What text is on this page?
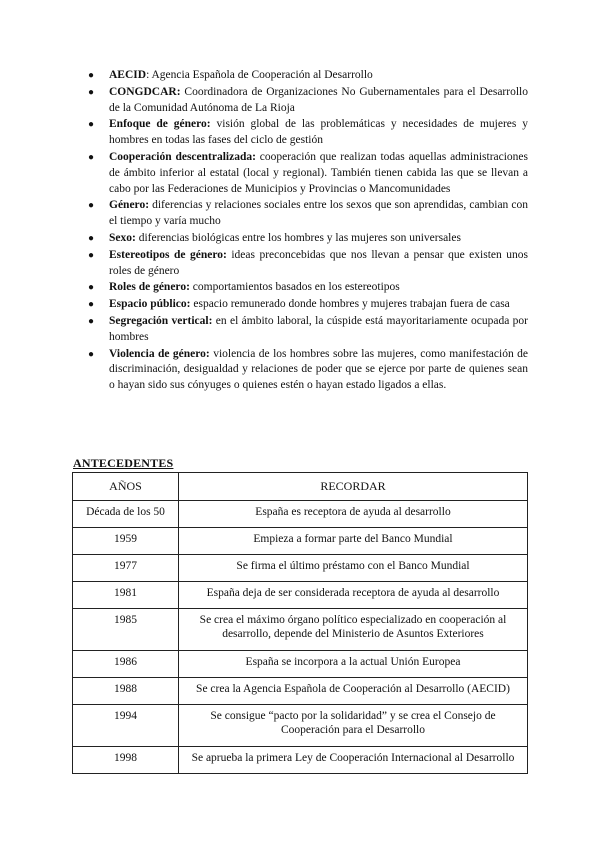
● AECID: Agencia Española de Cooperación al Desarrollo
● CONGDCAR: Coordinadora de Organizaciones No Gubernamentales para el Desarrollo de la Comunidad Autónoma de La Rioja
● Enfoque de género: visión global de las problemáticas y necesidades de mujeres y hombres en todas las fases del ciclo de gestión
● Cooperación descentralizada: cooperación que realizan todas aquellas administraciones de ámbito inferior al estatal (local y regional). También tienen cabida las que se llevan a cabo por las Federaciones de Municipios y Provincias o Mancomunidades
● Género: diferencias y relaciones sociales entre los sexos que son aprendidas, cambian con el tiempo y varía mucho
● Sexo: diferencias biológicas entre los hombres y las mujeres son universales
● Estereotipos de género: ideas preconcebidas que nos llevan a pensar que existen unos roles de género
● Roles de género: comportamientos basados en los estereotipos
● Espacio público: espacio remunerado donde hombres y mujeres trabajan fuera de casa
● Segregación vertical: en el ámbito laboral, la cúspide está mayoritariamente ocupada por hombres
● Violencia de género: violencia de los hombres sobre las mujeres, como manifestación de discriminación, desigualdad y relaciones de poder que se ejerce por parte de quienes sean o hayan sido sus cónyuges o quienes estén o hayan estado ligados a ellas.
ANTECEDENTES
AÑOS	RECORDAR
Década de los 50	España es receptora de ayuda al desarrollo
1959	Empieza a formar parte del Banco Mundial
1977	Se firma el último préstamo con el Banco Mundial
1981	España deja de ser considerada receptora de ayuda al desarrollo
1985	Se crea el máximo órgano político especializado en cooperación al desarrollo, depende del Ministerio de Asuntos Exteriores
1986	España se incorpora a la actual Unión Europea
1988	Se crea la Agencia Española de Cooperación al Desarrollo (AECID)
1994	Se consigue “pacto por la solidaridad” y se crea el Consejo de Cooperación para el Desarrollo
1998	Se aprueba la primera Ley de Cooperación Internacional al Desarrollo
